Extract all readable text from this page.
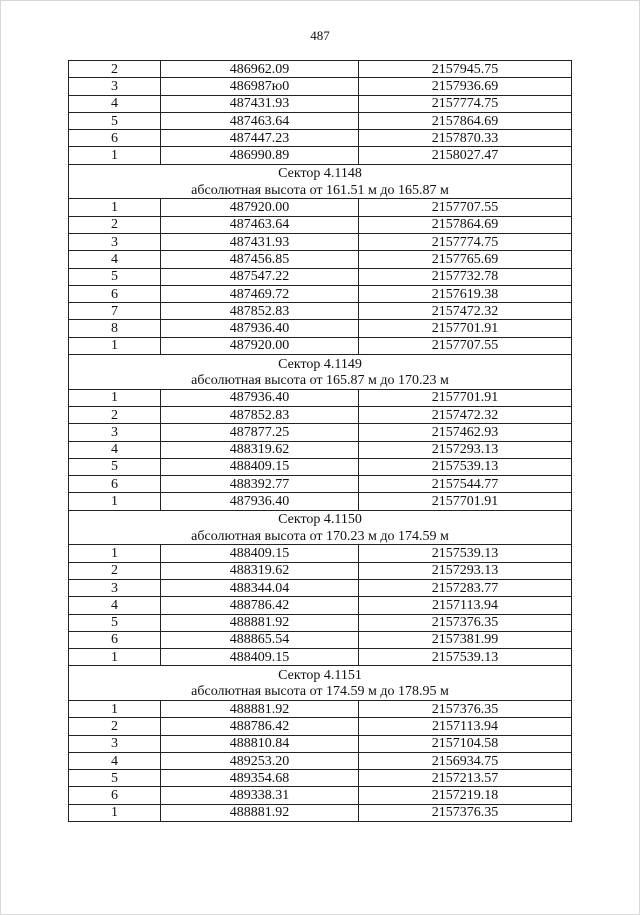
487
2	486962.09	2157945.75
3	486987ю0	2157936.69
4	487431.93	2157774.75
5	487463.64	2157864.69
6	487447.23	2157870.33
1	486990.89	2158027.47
Сектор 4.1148		
абсолютная высота от 161.51 м до 165.87 м		
1	487920.00	2157707.55
2	487463.64	2157864.69
3	487431.93	2157774.75
4	487456.85	2157765.69
5	487547.22	2157732.78
6	487469.72	2157619.38
7	487852.83	2157472.32
8	487936.40	2157701.91
1	487920.00	2157707.55
Сектор 4.1149		
абсолютная высота от 165.87 м до 170.23 м		
1	487936.40	2157701.91
2	487852.83	2157472.32
3	487877.25	2157462.93
4	488319.62	2157293.13
5	488409.15	2157539.13
6	488392.77	2157544.77
1	487936.40	2157701.91
Сектор 4.1150		
абсолютная высота от 170.23 м до 174.59 м		
1	488409.15	2157539.13
2	488319.62	2157293.13
3	488344.04	2157283.77
4	488786.42	2157113.94
5	488881.92	2157376.35
6	488865.54	2157381.99
1	488409.15	2157539.13
Сектор 4.1151		
абсолютная высота от 174.59 м до 178.95 м		
1	488881.92	2157376.35
2	488786.42	2157113.94
3	488810.84	2157104.58
4	489253.20	2156934.75
5	489354.68	2157213.57
6	489338.31	2157219.18
1	488881.92	2157376.35
